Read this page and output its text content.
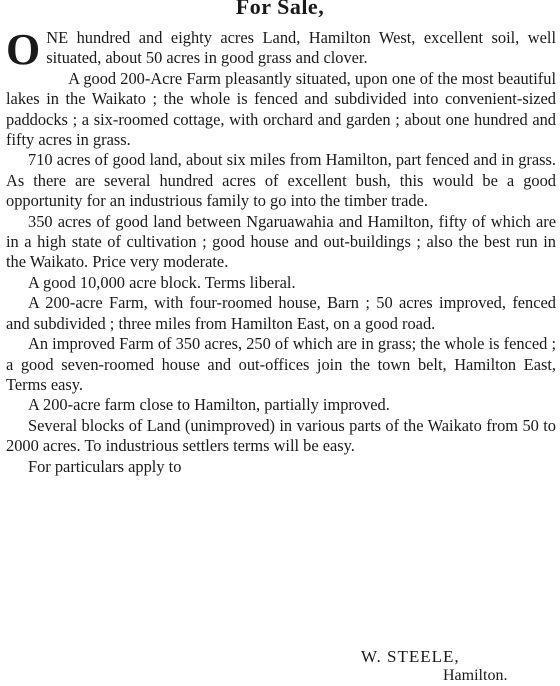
For Sale,

ONE hundred and eighty acres Land, Hamilton West, excellent soil, well situated, about 50 acres in good grass and clover.

A good 200-Acre Farm pleasantly situated, upon one of the most beautiful lakes in the Waikato ; the whole is fenced and subdivided into convenient-sized paddocks ; a six-roomed cottage, with orchard and garden ; about one hundred and fifty acres in grass.

710 acres of good land, about six miles from Hamilton, part fenced and in grass. As there are several hundred acres of excellent bush, this would be a good opportunity for an industrious family to go into the timber trade.

350 acres of good land between Ngaruawahia and Hamilton, fifty of which are in a high state of cultivation ; good house and out-buildings ; also the best run in the Waikato. Price very moderate.

A good 10,000 acre block. Terms liberal.

A 200-acre Farm, with four-roomed house, Barn ; 50 acres improved, fenced and subdivided ; three miles from Hamilton East, on a good road.

An improved Farm of 350 acres, 250 of which are in grass; the whole is fenced ; a good seven-roomed house and out-offices join the town belt, Hamilton East, Terms easy.

A 200-acre farm close to Hamilton, partially improved.

Several blocks of Land (unimproved) in various parts of the Waikato from 50 to 2000 acres. To industrious settlers terms will be easy.

For particulars apply to

W. STEELE,
Hamilton.
